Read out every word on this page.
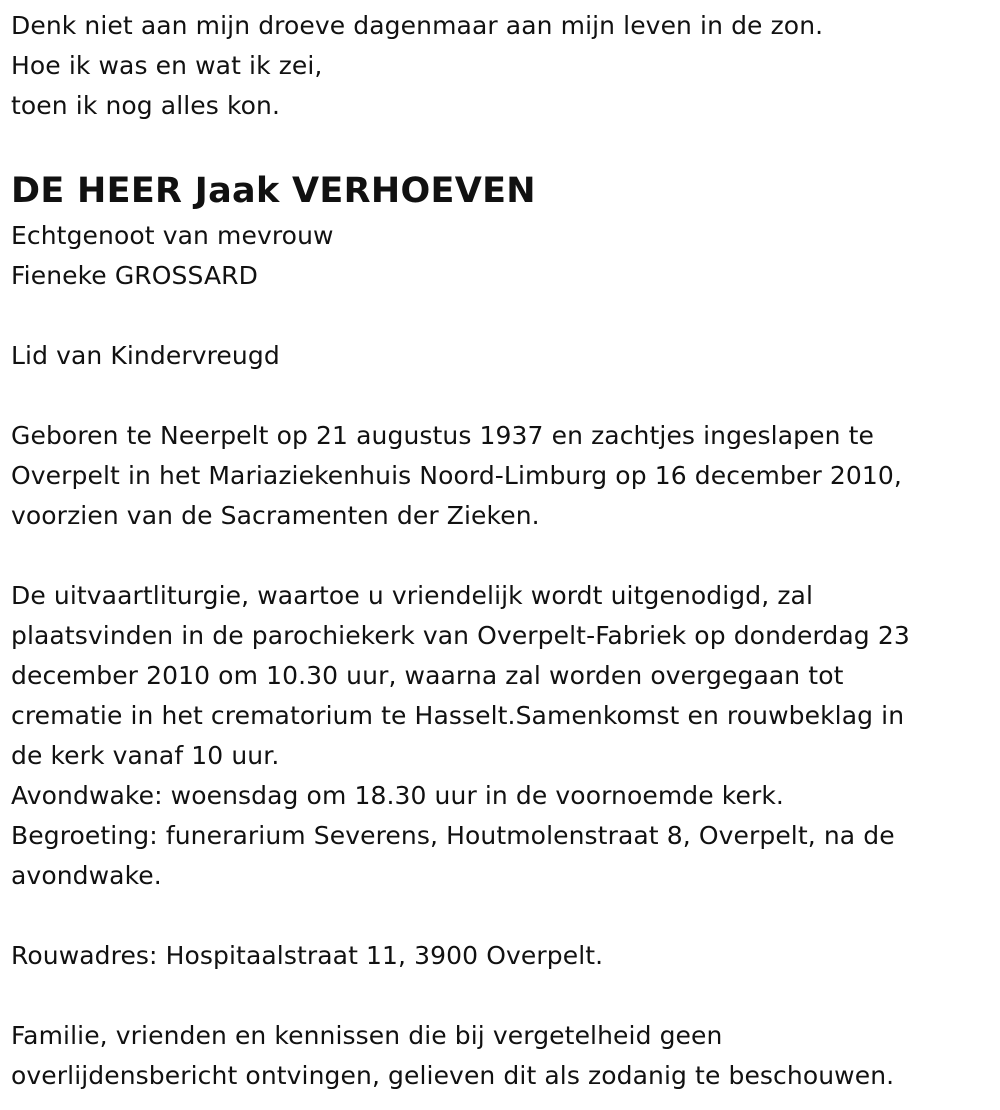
Denk niet aan mijn droeve dagenmaar aan mijn leven in de zon.
Hoe ik was en wat ik zei,
toen ik nog alles kon.
DE HEER Jaak VERHOEVEN
Echtgenoot van mevrouw
Fieneke GROSSARD
Lid van Kindervreugd
Geboren te Neerpelt op 21 augustus 1937 en zachtjes ingeslapen te
Overpelt in het Mariaziekenhuis Noord-Limburg op 16 december 2010,
voorzien van de Sacramenten der Zieken.
De uitvaartliturgie, waartoe u vriendelijk wordt uitgenodigd, zal
plaatsvinden in de parochiekerk van Overpelt-Fabriek op donderdag 23
december 2010 om 10.30 uur, waarna zal worden overgegaan tot
crematie in het crematorium te Hasselt.Samenkomst en rouwbeklag in
de kerk vanaf 10 uur.
Avondwake: woensdag om 18.30 uur in de voornoemde kerk.
Begroeting: funerarium Severens, Houtmolenstraat 8, Overpelt, na de
avondwake.
Rouwadres: Hospitaalstraat 11, 3900 Overpelt.
Familie, vrienden en kennissen die bij vergetelheid geen
overlijdensbericht ontvingen, gelieven dit als zodanig te beschouwen.
